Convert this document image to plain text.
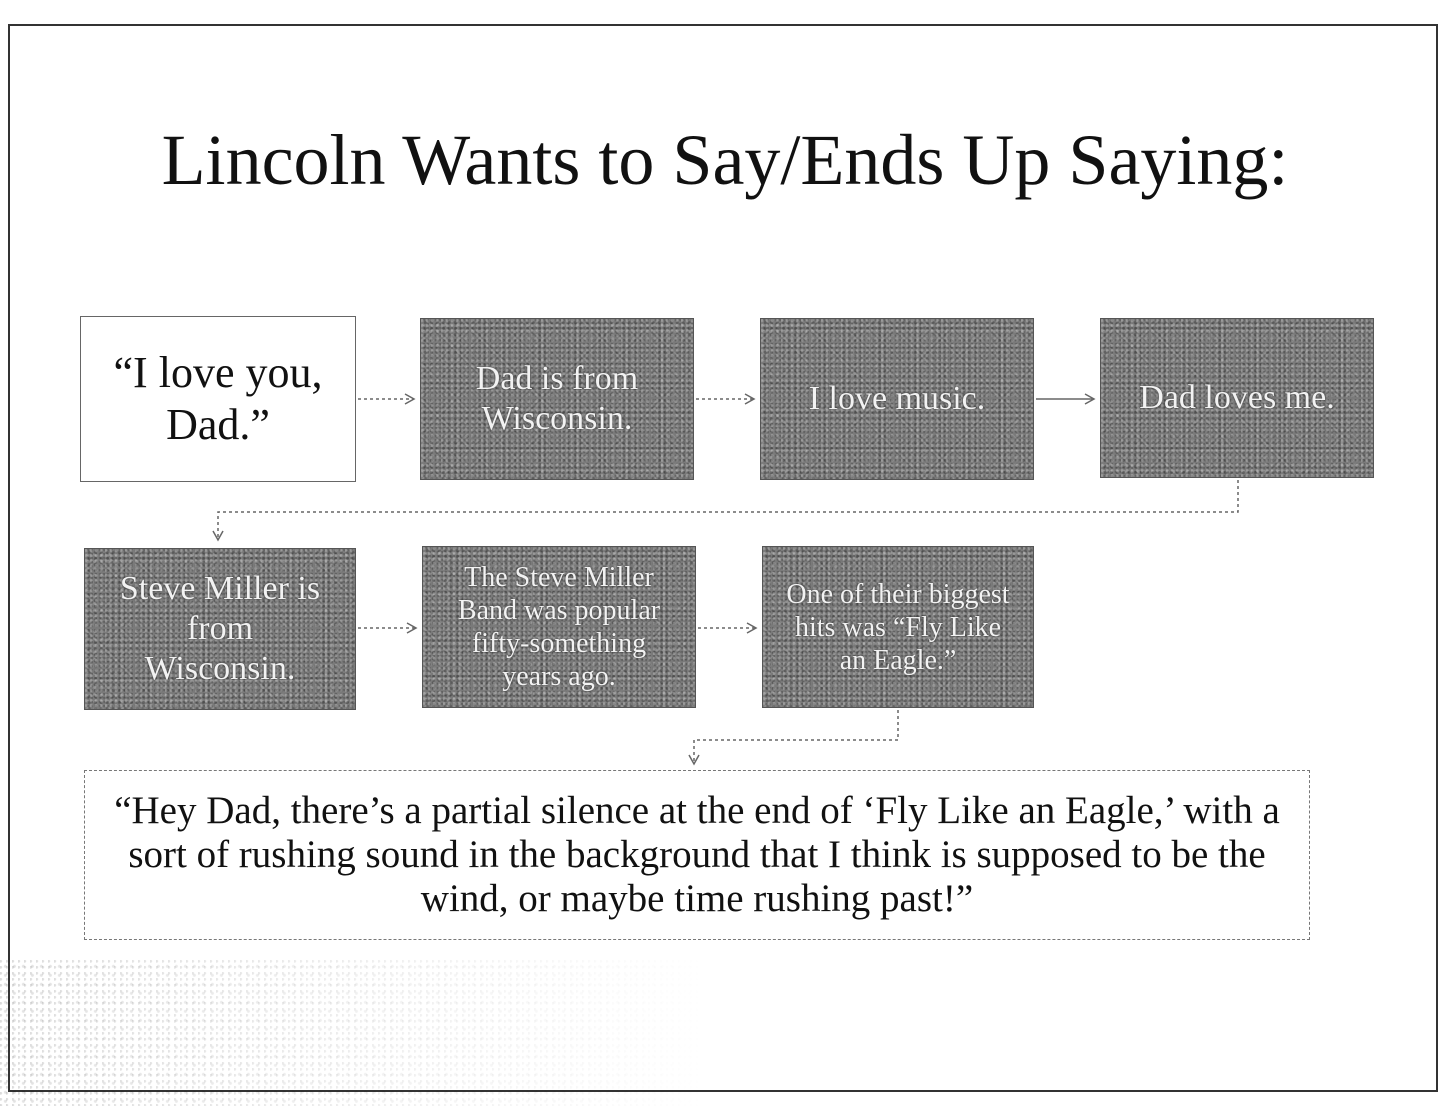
Lincoln Wants to Say/Ends Up Saying:
“I love you, Dad.”
Dad is from Wisconsin.
I love music.	Dad loves me.
Steve Miller is from Wisconsin.
The Steve Miller Band was popular fifty-something years ago.
One of their biggest hits was “Fly Like an Eagle.”
“Hey Dad, there’s a partial silence at the end of ‘Fly Like an Eagle,’ with a sort of rushing sound in the background that I think is supposed to be the wind, or maybe time rushing past!”
